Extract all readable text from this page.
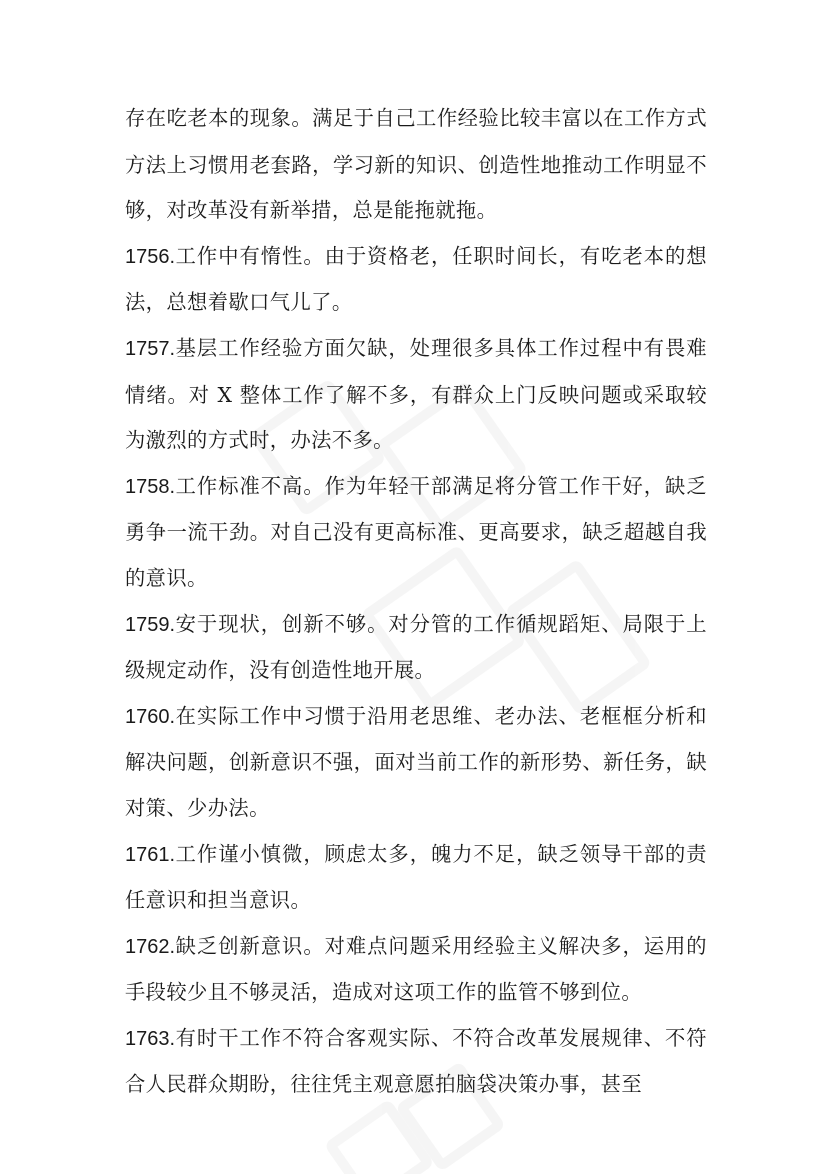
存在吃老本的现象。满足于自己工作经验比较丰富以在工作方式方法上习惯用老套路，学习新的知识、创造性地推动工作明显不够，对改革没有新举措，总是能拖就拖。

1756.工作中有惰性。由于资格老，任职时间长，有吃老本的想法，总想着歇口气儿了。

1757.基层工作经验方面欠缺，处理很多具体工作过程中有畏难情绪。对 X 整体工作了解不多，有群众上门反映问题或采取较为激烈的方式时，办法不多。

1758.工作标准不高。作为年轻干部满足将分管工作干好，缺乏勇争一流干劲。对自己没有更高标准、更高要求，缺乏超越自我的意识。

1759.安于现状，创新不够。对分管的工作循规蹈矩、局限于上级规定动作，没有创造性地开展。

1760.在实际工作中习惯于沿用老思维、老办法、老框框分析和解决问题，创新意识不强，面对当前工作的新形势、新任务，缺对策、少办法。

1761.工作谨小慎微，顾虑太多，魄力不足，缺乏领导干部的责任意识和担当意识。

1762.缺乏创新意识。对难点问题采用经验主义解决多，运用的手段较少且不够灵活，造成对这项工作的监管不够到位。

1763.有时干工作不符合客观实际、不符合改革发展规律、不符合人民群众期盼，往往凭主观意愿拍脑袋决策办事，甚至
